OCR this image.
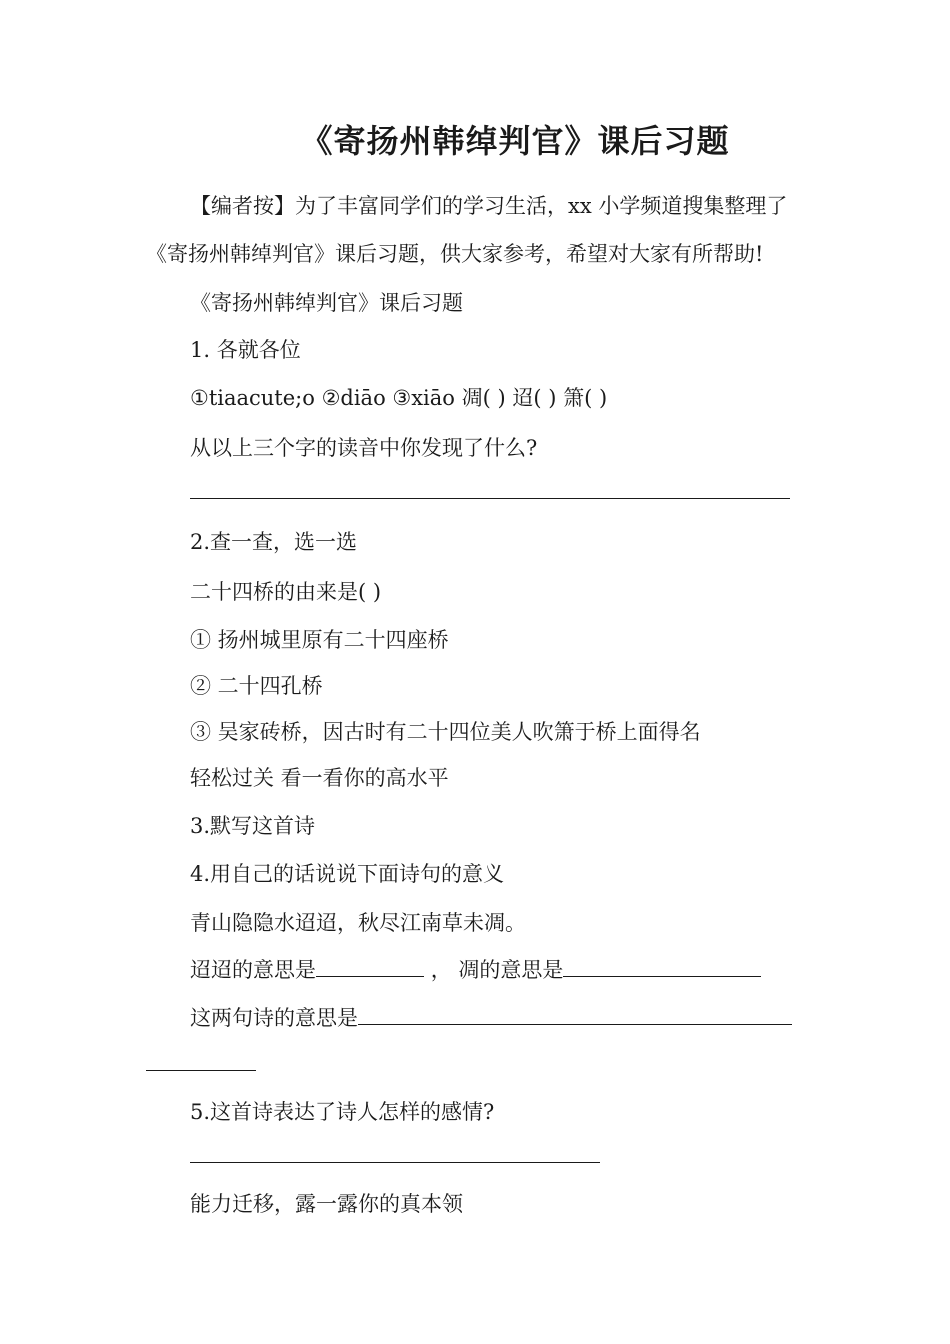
《寄扬州韩绰判官》课后习题
【编者按】为了丰富同学们的学习生活，xx 小学频道搜集整理了
《寄扬州韩绰判官》课后习题，供大家参考，希望对大家有所帮助!
《寄扬州韩绰判官》课后习题
1. 各就各位
①tiaacute;o ②diāo ③xiāo 凋( ) 迢( ) 箫( )
从以上三个字的读音中你发现了什么?
2.查一查，选一选
二十四桥的由来是( )
① 扬州城里原有二十四座桥
② 二十四孔桥
③ 吴家砖桥，因古时有二十四位美人吹箫于桥上面得名
轻松过关 看一看你的高水平
3.默写这首诗
4.用自己的话说说下面诗句的意义
青山隐隐水迢迢，秋尽江南草未凋。
迢迢的意思是	， 凋的意思是
这两句诗的意思是
5.这首诗表达了诗人怎样的感情?
能力迁移，露一露你的真本领
